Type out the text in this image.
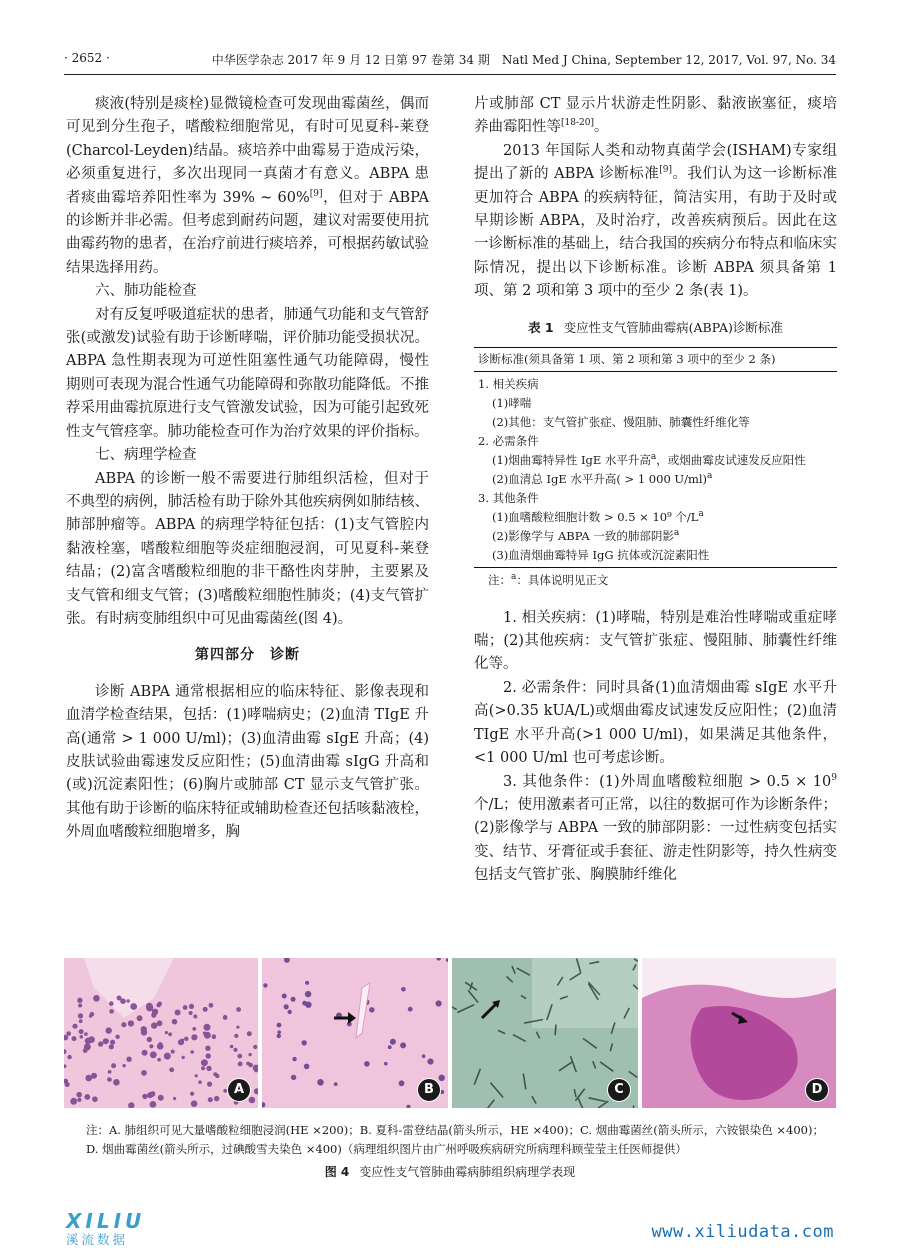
· 2652 ·	中华医学杂志 2017 年 9 月 12 日第 97 卷第 34 期　Natl Med J China, September 12, 2017, Vol. 97, No. 34

痰液(特别是痰栓)显微镜检查可发现曲霉菌丝，偶而可见到分生孢子，嗜酸粒细胞常见，有时可见夏科-莱登(Charcol-Leyden)结晶。痰培养中曲霉易于造成污染，必须重复进行，多次出现同一真菌才有意义。ABPA 患者痰曲霉培养阳性率为 39% ~ 60%[9]，但对于 ABPA 的诊断并非必需。但考虑到耐药问题，建议对需要使用抗曲霉药物的患者，在治疗前进行痰培养，可根据药敏试验结果选择用药。

六、肺功能检查

对有反复呼吸道症状的患者，肺通气功能和支气管舒张(或激发)试验有助于诊断哮喘，评价肺功能受损状况。ABPA 急性期表现为可逆性阻塞性通气功能障碍，慢性期则可表现为混合性通气功能障碍和弥散功能降低。不推荐采用曲霉抗原进行支气管激发试验，因为可能引起致死性支气管痉挛。肺功能检查可作为治疗效果的评价指标。

七、病理学检查

ABPA 的诊断一般不需要进行肺组织活检，但对于不典型的病例，肺活检有助于除外其他疾病例如肺结核、肺部肿瘤等。ABPA 的病理学特征包括：(1)支气管腔内黏液栓塞，嗜酸粒细胞等炎症细胞浸润，可见夏科-莱登结晶；(2)富含嗜酸粒细胞的非干酪性肉芽肿，主要累及支气管和细支气管；(3)嗜酸粒细胞性肺炎；(4)支气管扩张。有时病变肺组织中可见曲霉菌丝(图 4)。

第四部分　诊断

诊断 ABPA 通常根据相应的临床特征、影像表现和血清学检查结果，包括：(1)哮喘病史；(2)血清 TIgE 升高(通常 > 1 000 U/ml)；(3)血清曲霉 sIgE 升高；(4)皮肤试验曲霉速发反应阳性；(5)血清曲霉 sIgG 升高和(或)沉淀素阳性；(6)胸片或肺部 CT 显示支气管扩张。其他有助于诊断的临床特征或辅助检查还包括咳黏液栓，外周血嗜酸粒细胞增多，胸

片或肺部 CT 显示片状游走性阴影、黏液嵌塞征，痰培养曲霉阳性等[18-20]。

2013 年国际人类和动物真菌学会(ISHAM)专家组提出了新的 ABPA 诊断标准[9]。我们认为这一诊断标准更加符合 ABPA 的疾病特征，简洁实用，有助于及时或早期诊断 ABPA，及时治疗，改善疾病预后。因此在这一诊断标准的基础上，结合我国的疾病分布特点和临床实际情况，提出以下诊断标准。诊断 ABPA 须具备第 1 项、第 2 项和第 3 项中的至少 2 条(表 1)。

表 1 变应性支气管肺曲霉病(ABPA)诊断标准
诊断标准(须具备第 1 项、第 2 项和第 3 项中的至少 2 条)
1. 相关疾病
(1)哮喘
(2)其他：支气管扩张症、慢阻肺、肺囊性纤维化等
2. 必需条件
(1)烟曲霉特异性 IgE 水平升高$^a$，或烟曲霉皮试速发反应阳性
(2)血清总 IgE 水平升高( > 1 000 U/ml)$^a$
3. 其他条件
(1)血嗜酸粒细胞计数 > 0.5 × 10⁹ 个$/L^a$
(2)影像学与 ABPA 一致的肺部阴影$^a$
(3)血清烟曲霉特异 IgG 抗体或沉淀素阳性
注：$^a$：具体说明见正文

1. 相关疾病：(1)哮喘，特别是难治性哮喘或重症哮喘；(2)其他疾病：支气管扩张症、慢阻肺、肺囊性纤维化等。

2. 必需条件：同时具备(1)血清烟曲霉 sIgE 水平升高(>0.35 kUA/L)或烟曲霉皮试速发反应阳性；(2)血清 TIgE 水平升高(>1 000 U/ml)，如果满足其他条件，<1 000 U/ml 也可考虑诊断。

3. 其他条件：(1)外周血嗜酸粒细胞 > $0.5 \times 10^9$个/L；使用激素者可正常，以往的数据可作为诊断条件；(2)影像学与 ABPA 一致的肺部阴影：一过性病变包括实变、结节、牙膏征或手套征、游走性阴影等，持久性病变包括支气管扩张、胸膜肺纤维化

A	B	C	D
注：A. 肺组织可见大量嗜酸粒细胞浸润(HE ×200)；B. 夏科-雷登结晶(箭头所示，HE ×400)；C. 烟曲霉菌丝(箭头所示，六铵银染色 ×400)；D. 烟曲霉菌丝(箭头所示，过碘酸雪夫染色 ×400)（病理组织图片由广州呼吸疾病研究所病理科顾莹莹主任医师提供）
图 4 变应性支气管肺曲霉病肺组织病理学表现
XILIU
溪流数据	www.xiliudata.com
